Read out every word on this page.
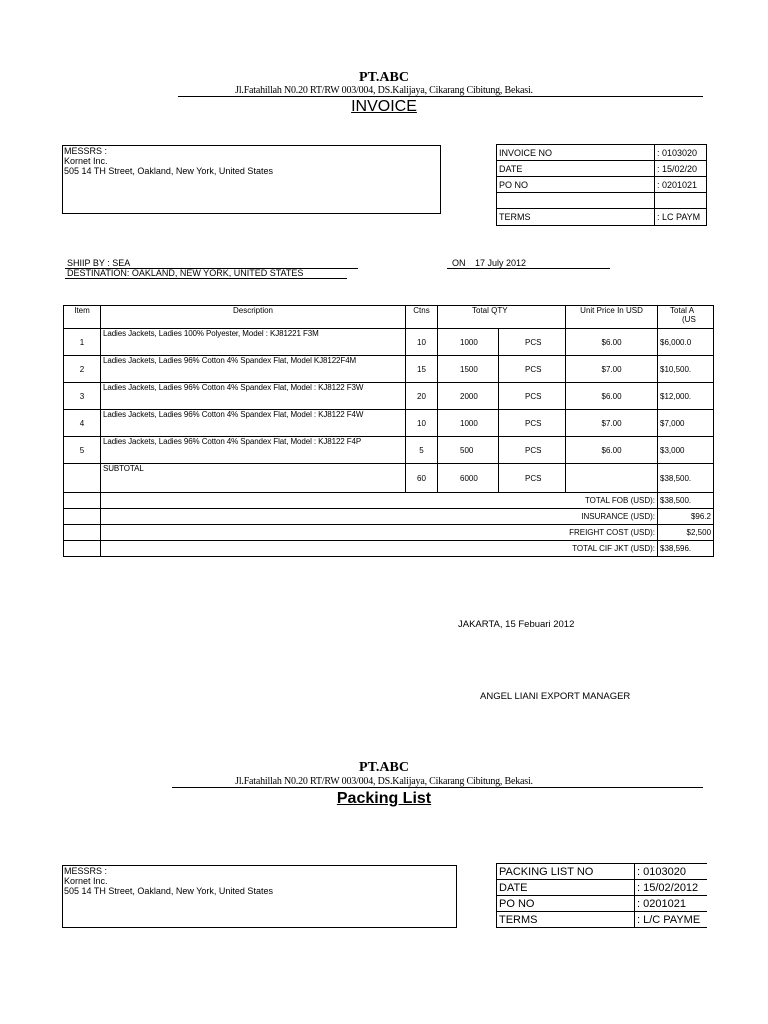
PT.ABC
Jl.Fatahillah N0.20 RT/RW 003/004, DS.Kalijaya, Cikarang Cibitung, Bekasi.
INVOICE
MESSRS :
Kornet Inc.
505 14 TH Street, Oakland, New York, United States
INVOICE NO	: 0103020
DATE	: 15/02/20
PO NO	: 0201021

TERMS	: LC PAYM
SHIIP BY : SEA
DESTINATION: OAKLAND, NEW YORK, UNITED STATES
ON 17 July 2012
Item	Description	Ctns	Total QTY		Unit Price In USD	Total A
(US
1	Ladies Jackets, Ladies 100% Polyester, Model : KJ81221 F3M	10	1000	PCS	$6.00	$6,000.0
2	Ladies Jackets, Ladies 96% Cotton 4% Spandex Flat, Model KJ8122F4M	15	1500	PCS	$7.00	$10,500.
3	Ladies Jackets, Ladies 96% Cotton 4% Spandex Flat, Model : KJ8122 F3W	20	2000	PCS	$6.00	$12,000.
4	Ladies Jackets, Ladies 96% Cotton 4% Spandex Flat, Model : KJ8122 F4W	10	1000	PCS	$7.00	$7,000
5	Ladies Jackets, Ladies 96% Cotton 4% Spandex Flat, Model : KJ8122 F4P	5	500	PCS	$6.00	$3,000
	SUBTOTAL	60	6000	PCS		$38,500.
	TOTAL FOB (USD):					$38,500.
	INSURANCE (USD):					$96.2
	FREIGHT COST (USD):					$2,500
	TOTAL CIF JKT (USD):					$38,596.
JAKARTA, 15 Febuari 2012
ANGEL LIANI EXPORT MANAGER
PT.ABC
Jl.Fatahillah N0.20 RT/RW 003/004, DS.Kalijaya, Cikarang Cibitung, Bekasi.
Packing List
MESSRS :
Kornet Inc.
505 14 TH Street, Oakland, New York, United States
PACKING LIST NO	: 0103020
DATE	: 15/02/2012
PO NO	: 0201021
TERMS	: L/C PAYME
